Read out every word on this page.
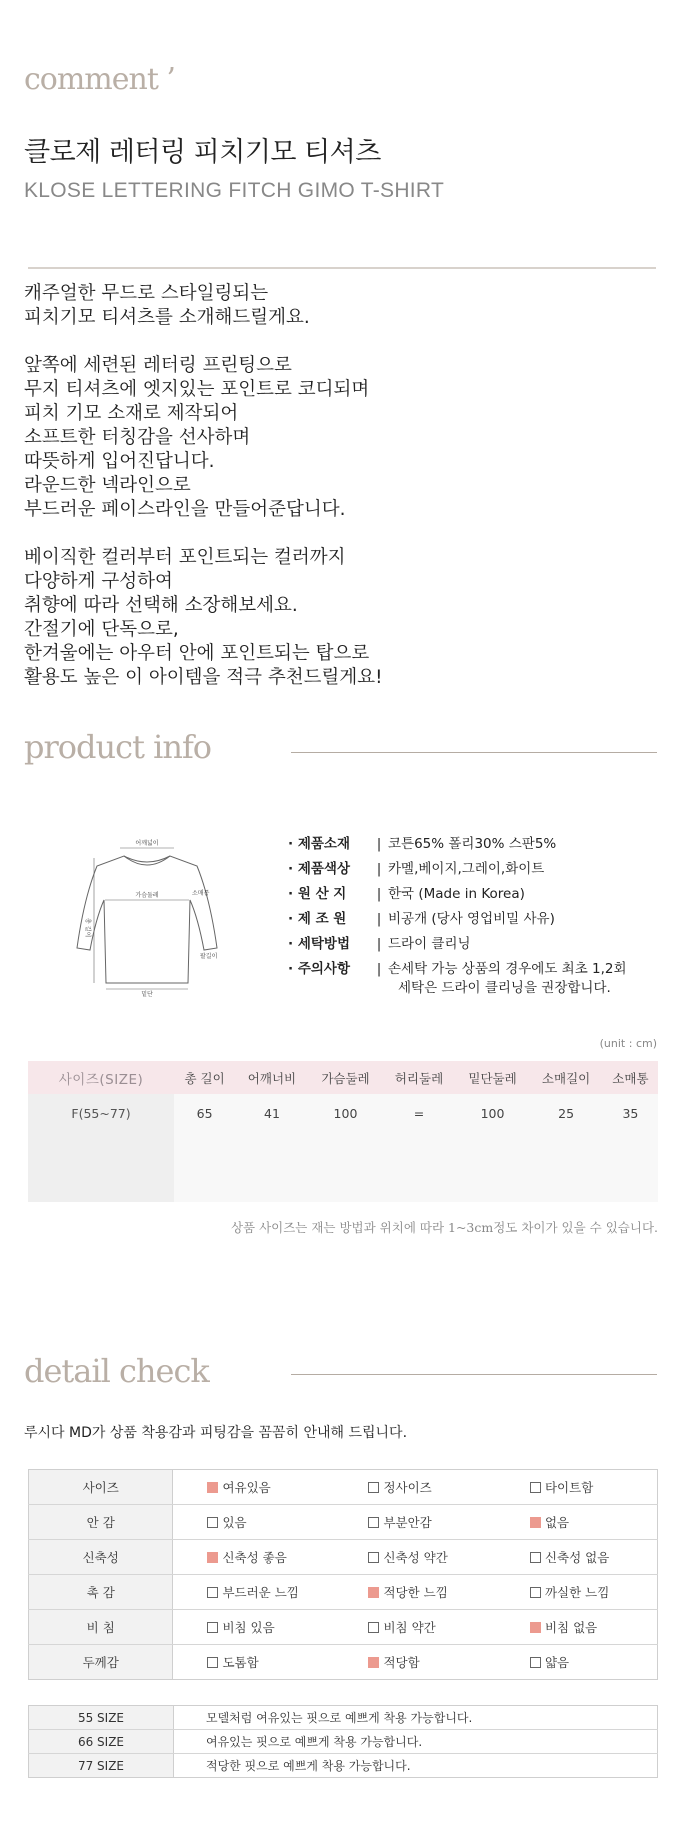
comment ’
클로제 레터링 피치기모 티셔츠
KLOSE LETTERING FITCH GIMO T-SHIRT
캐주얼한 무드로 스타일링되는
피치기모 티셔츠를 소개해드릴게요.
앞쪽에 세련된 레터링 프린팅으로
무지 티셔츠에 엣지있는 포인트로 코디되며
피치 기모 소재로 제작되어
소프트한 터칭감을 선사하며
따뜻하게 입어진답니다.
라운드한 넥라인으로
부드러운 페이스라인을 만들어준답니다.
베이직한 컬러부터 포인트되는 컬러까지
다양하게 구성하여
취향에 따라 선택해 소장해보세요.
간절기에 단독으로,
한겨울에는 아우터 안에 포인트되는 탑으로
활용도 높은 이 아이템을 적극 추천드릴게요!
product info
어깨넓이
가슴둘레	소매통
총 길이
팔길이
밑단
· 제품소재	| 코튼65% 폴리30% 스판5%
· 제품색상	| 카멜,베이지,그레이,화이트
· 원 산 지	| 한국 (Made in Korea)
· 제 조 원	| 비공개 (당사 영업비밀 사유)
· 세탁방법	| 드라이 클리닝
· 주의사항	| 손세탁 가능 상품의 경우에도 최초 1,2회
세탁은 드라이 클리닝을 권장합니다.
(unit : cm)
사이즈(SIZE)	총 길이	어깨너비	가슴둘레	허리둘레	밑단둘레	소매길이	소매통
F(55~77)	65	41	100	=	100	25	35
상품 사이즈는 재는 방법과 위치에 따라 1~3cm정도 차이가 있을 수 있습니다.
detail check
루시다 MD가 상품 착용감과 피팅감을 꼼꼼히 안내해 드립니다.
사이즈	여유있음	정사이즈	타이트함
안 감	있음	부분안감	없음
신축성	신축성 좋음	신축성 약간	신축성 없음
촉 감	부드러운 느낌	적당한 느낌	까실한 느낌
비 침	비침 있음	비침 약간	비침 없음
두께감	도톰함	적당함	얇음
55 SIZE	모델처럼 여유있는 핏으로 예쁘게 착용 가능합니다.
66 SIZE	여유있는 핏으로 예쁘게 착용 가능합니다.
77 SIZE	적당한 핏으로 예쁘게 착용 가능합니다.
